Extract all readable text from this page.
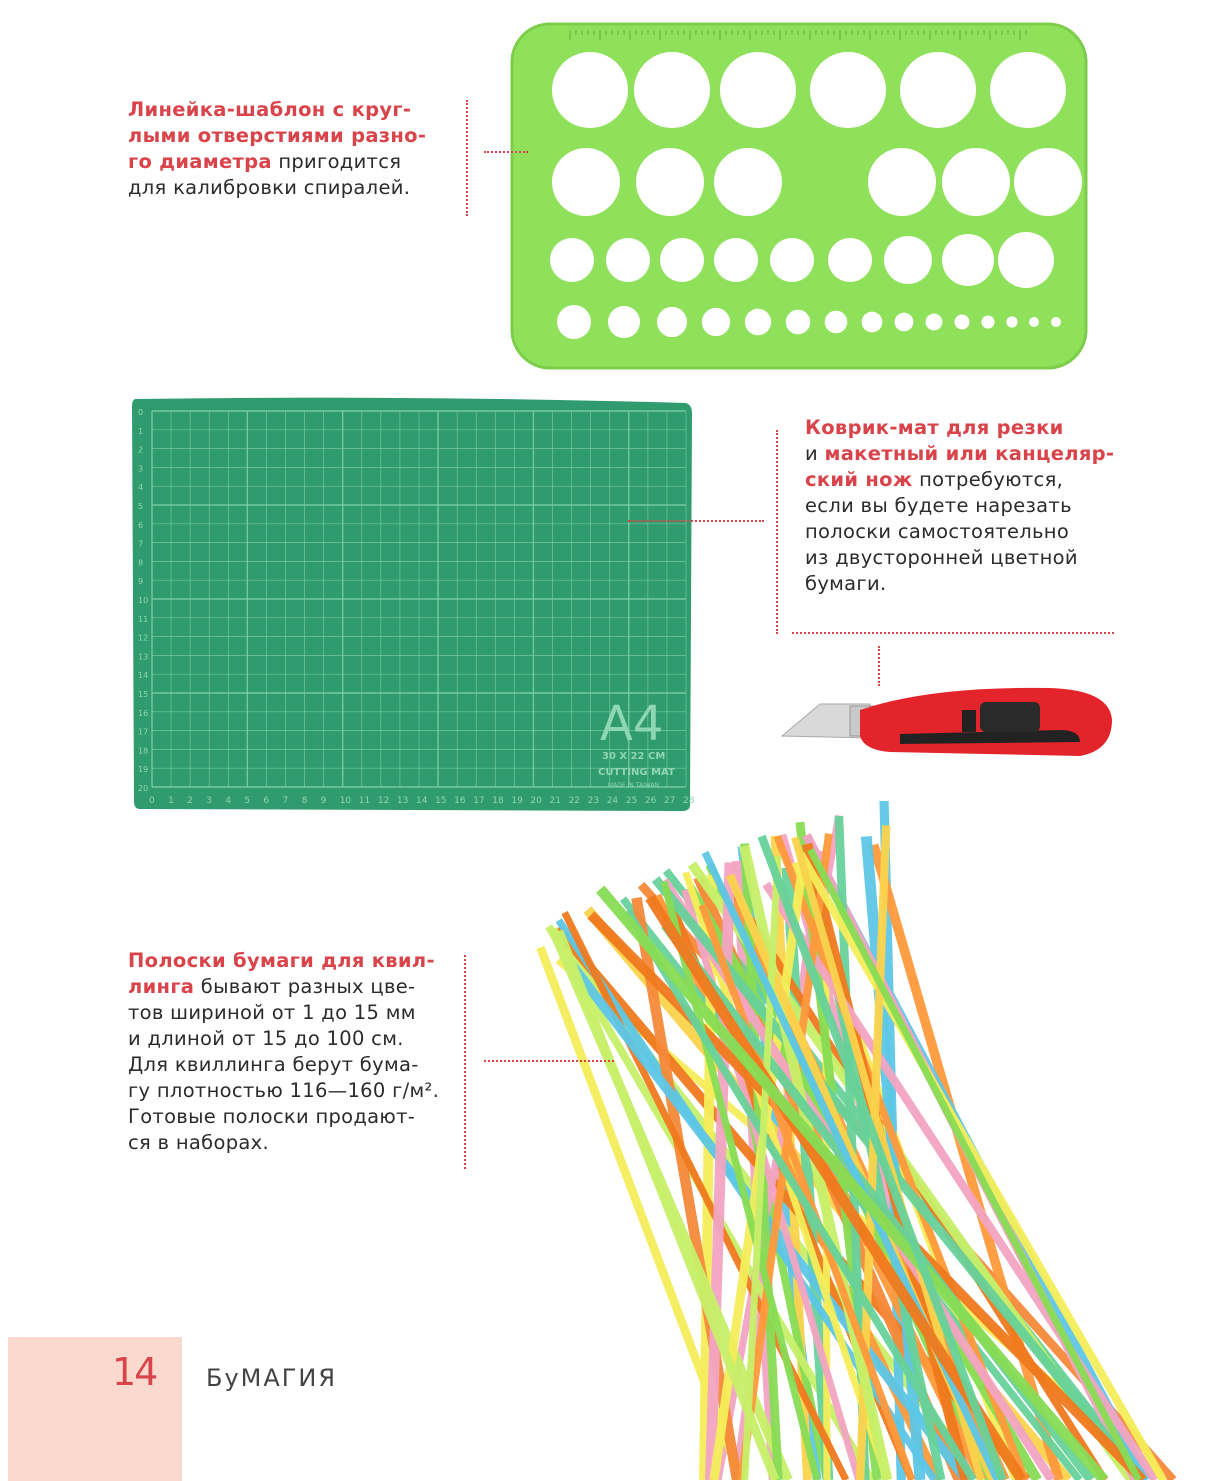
0
1
2
3
4
5
6
7
8
9
10
11
12
13
14
15
16
17
18
19
20
0 1 2 3 4 5 6 7 8 9 10 11 12 13 14 15 16 17 18 19 20 21 22 23 24 25 26 27 28
A4
30 X 22 CM
CUTTING MAT
MADE IN TAIWAN
Линейка-шаблон с круг-
лыми отверстиями разно-
го диаметра пригодится
для калибровки спиралей.
Коврик-мат для резки
и макетный или канцеляр-
ский нож потребуются,
если вы будете нарезать
полоски самостоятельно
из двусторонней цветной
бумаги.
Полоски бумаги для квил-
линга бывают разных цве-
тов шириной от 1 до 15 мм
и длиной от 15 до 100 см.
Для квиллинга берут бума-
гу плотностью 116—160 г/м².
Готовые полоски продают-
ся в наборах.
14 БуМАГИЯ
